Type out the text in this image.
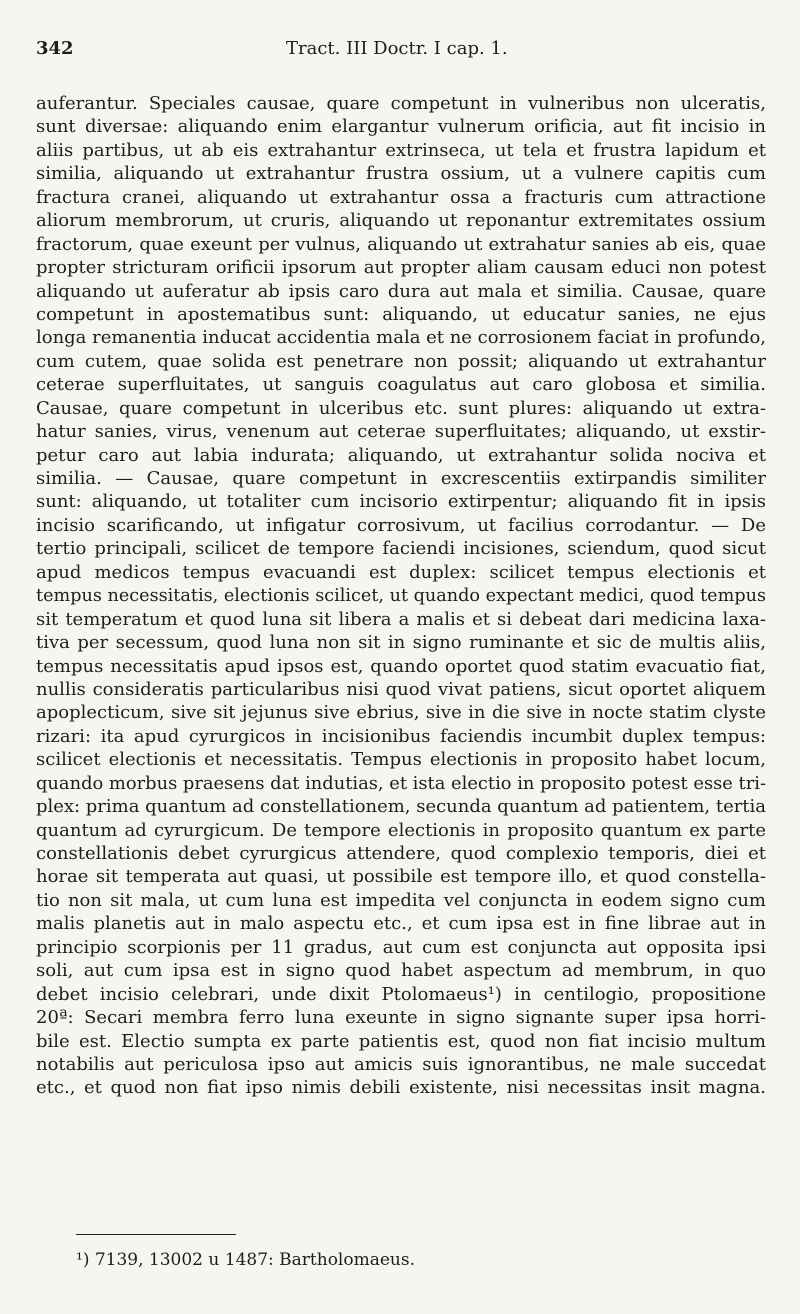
342	Tract. III Doctr. I cap. 1.
auferantur. Speciales causae, quare competunt in vulneribus non ulceratis,
sunt diversae: aliquando enim elargantur vulnerum orificia, aut fit incisio in
aliis partibus, ut ab eis extrahantur extrinseca, ut tela et frustra lapidum et
similia, aliquando ut extrahantur frustra ossium, ut a vulnere capitis cum
fractura cranei, aliquando ut extrahantur ossa a fracturis cum attractione
aliorum membrorum, ut cruris, aliquando ut reponantur extremitates ossium
fractorum, quae exeunt per vulnus, aliquando ut extrahatur sanies ab eis, quae
propter stricturam orificii ipsorum aut propter aliam causam educi non potest
aliquando ut auferatur ab ipsis caro dura aut mala et similia. Causae, quare
competunt in apostematibus sunt: aliquando, ut educatur sanies, ne ejus
longa remanentia inducat accidentia mala et ne corrosionem faciat in profundo,
cum cutem, quae solida est penetrare non possit; aliquando ut extrahantur
ceterae superfluitates, ut sanguis coagulatus aut caro globosa et similia.
Causae, quare competunt in ulceribus etc. sunt plures: aliquando ut extra-
hatur sanies, virus, venenum aut ceterae superfluitates; aliquando, ut exstir-
petur caro aut labia indurata; aliquando, ut extrahantur solida nociva et
similia. — Causae, quare competunt in excrescentiis extirpandis similiter
sunt: aliquando, ut totaliter cum incisorio extirpentur; aliquando fit in ipsis
incisio scarificando, ut infigatur corrosivum, ut facilius corrodantur. — De
tertio principali, scilicet de tempore faciendi incisiones, sciendum, quod sicut
apud medicos tempus evacuandi est duplex: scilicet tempus electionis et
tempus necessitatis, electionis scilicet, ut quando expectant medici, quod tempus
sit temperatum et quod luna sit libera a malis et si debeat dari medicina laxa-
tiva per secessum, quod luna non sit in signo ruminante et sic de multis aliis,
tempus necessitatis apud ipsos est, quando oportet quod statim evacuatio fiat,
nullis consideratis particularibus nisi quod vivat patiens, sicut oportet aliquem
apoplecticum, sive sit jejunus sive ebrius, sive in die sive in nocte statim clyste
rizari: ita apud cyrurgicos in incisionibus faciendis incumbit duplex tempus:
scilicet electionis et necessitatis. Tempus electionis in proposito habet locum,
quando morbus praesens dat indutias, et ista electio in proposito potest esse tri-
plex: prima quantum ad constellationem, secunda quantum ad patientem, tertia
quantum ad cyrurgicum. De tempore electionis in proposito quantum ex parte
constellationis debet cyrurgicus attendere, quod complexio temporis, diei et
horae sit temperata aut quasi, ut possibile est tempore illo, et quod constella-
tio non sit mala, ut cum luna est impedita vel conjuncta in eodem signo cum
malis planetis aut in malo aspectu etc., et cum ipsa est in fine librae aut in
principio scorpionis per 11 gradus, aut cum est conjuncta aut opposita ipsi
soli, aut cum ipsa est in signo quod habet aspectum ad membrum, in quo
debet incisio celebrari, unde dixit Ptolomaeus¹) in centilogio, propositione
20ª: Secari membra ferro luna exeunte in signo signante super ipsa horri-
bile est. Electio sumpta ex parte patientis est, quod non fiat incisio multum
notabilis aut periculosa ipso aut amicis suis ignorantibus, ne male succedat
etc., et quod non fiat ipso nimis debili existente, nisi necessitas insit magna.
¹) 7139, 13002 u 1487: Bartholomaeus.
